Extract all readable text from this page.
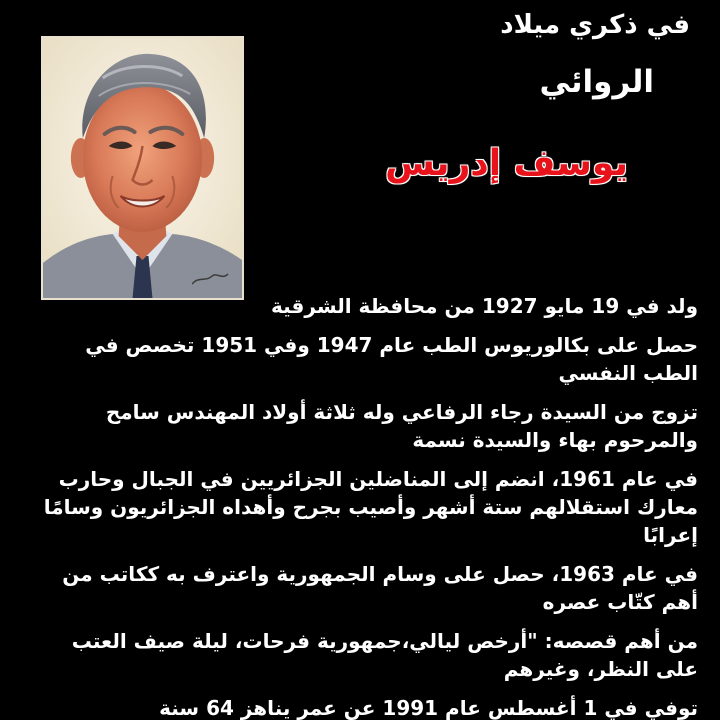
في ذكري ميلاد
الروائي
يوسف إدريس
ولد في 19 مايو 1927 من محافظة الشرقية
حصل على بكالوريوس الطب عام 1947 وفي 1951 تخصص في الطب النفسي
تزوج من السيدة رجاء الرفاعي وله ثلاثة أولاد المهندس سامح والمرحوم بهاء والسيدة نسمة
في عام 1961، انضم إلى المناضلين الجزائريين في الجبال وحارب معارك استقلالهم ستة أشهر وأصيب بجرح وأهداه الجزائريون وسامًا إعرابًا
في عام 1963، حصل على وسام الجمهورية واعترف به ككاتب من أهم كتّاب عصره
من أهم قصصه: "أرخص ليالي،جمهورية فرحات، ليلة صيف العتب على النظر، وغيرهم
توفي في 1 أغسطس عام 1991 عن عمر يناهز 64 سنة
